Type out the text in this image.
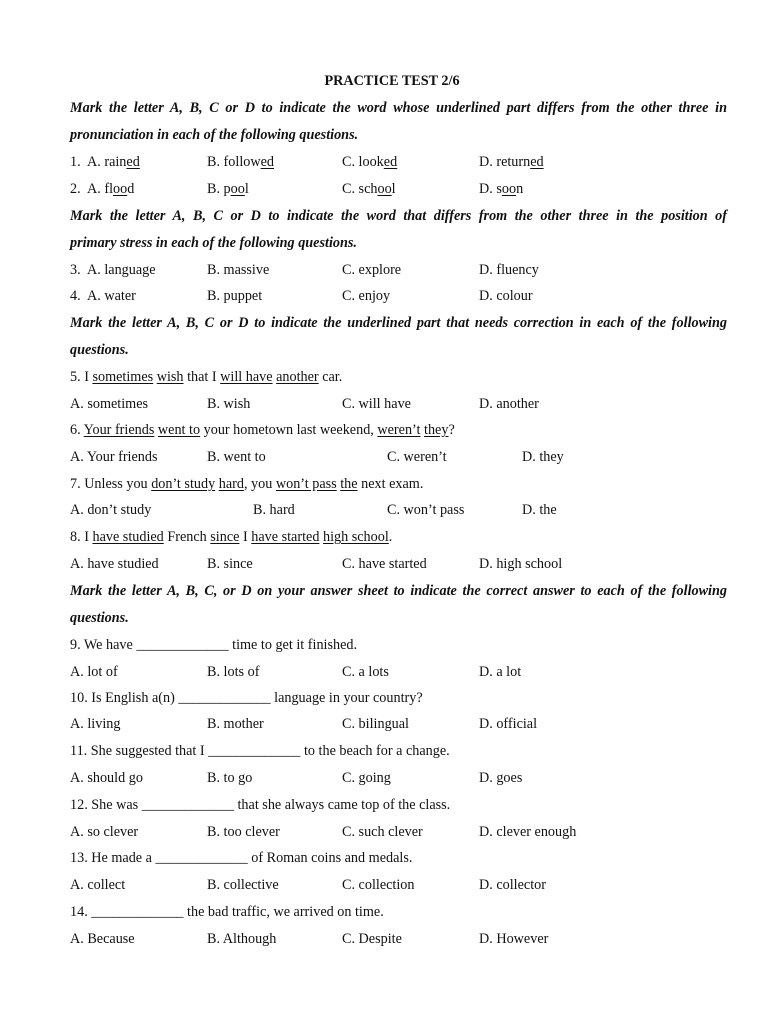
PRACTICE TEST 2/6
Mark the letter A, B, C or D to indicate the word whose underlined part differs from the other three in
pronunciation in each of the following questions.
Mark the letter A, B, C or D to indicate the word that differs from the other three in the position of
primary stress in each of the following questions.
Mark the letter A, B, C or D to indicate the underlined part that needs correction in each of the following
questions.
Mark the letter A, B, C, or D on your answer sheet to indicate the correct answer to each of the following
questions.
1. A. rained	B. followed	C. looked	D. returned
2. A. flood	B. pool	C. school	D. soon
3. A. language	B. massive	C. explore	D. fluency
4. A. water	B. puppet	C. enjoy	D. colour
5. I sometimes wish that I will have another car.
A. sometimes	B. wish	C. will have	D. another
6. Your friends went to your hometown last weekend, weren’t they?
A. Your friends	B. went to	C. weren’t	D. they
7. Unless you don’t study hard, you won’t pass the next exam.
A. don’t study	B. hard	C. won’t pass	D. the
8. I have studied French since I have started high school.
A. have studied	B. since	C. have started	D. high school
9. We have _____________ time to get it finished.
A. lot of	B. lots of	C. a lots	D. a lot
10. Is English a(n) _____________ language in your country?
A. living	B. mother	C. bilingual	D. official
11. She suggested that I _____________ to the beach for a change.
A. should go	B. to go	C. going	D. goes
12. She was _____________ that she always came top of the class.
A. so clever	B. too clever	C. such clever	D. clever enough
13. He made a _____________ of Roman coins and medals.
A. collect	B. collective	C. collection	D. collector
14. _____________ the bad traffic, we arrived on time.
A. Because	B. Although	C. Despite	D. However
